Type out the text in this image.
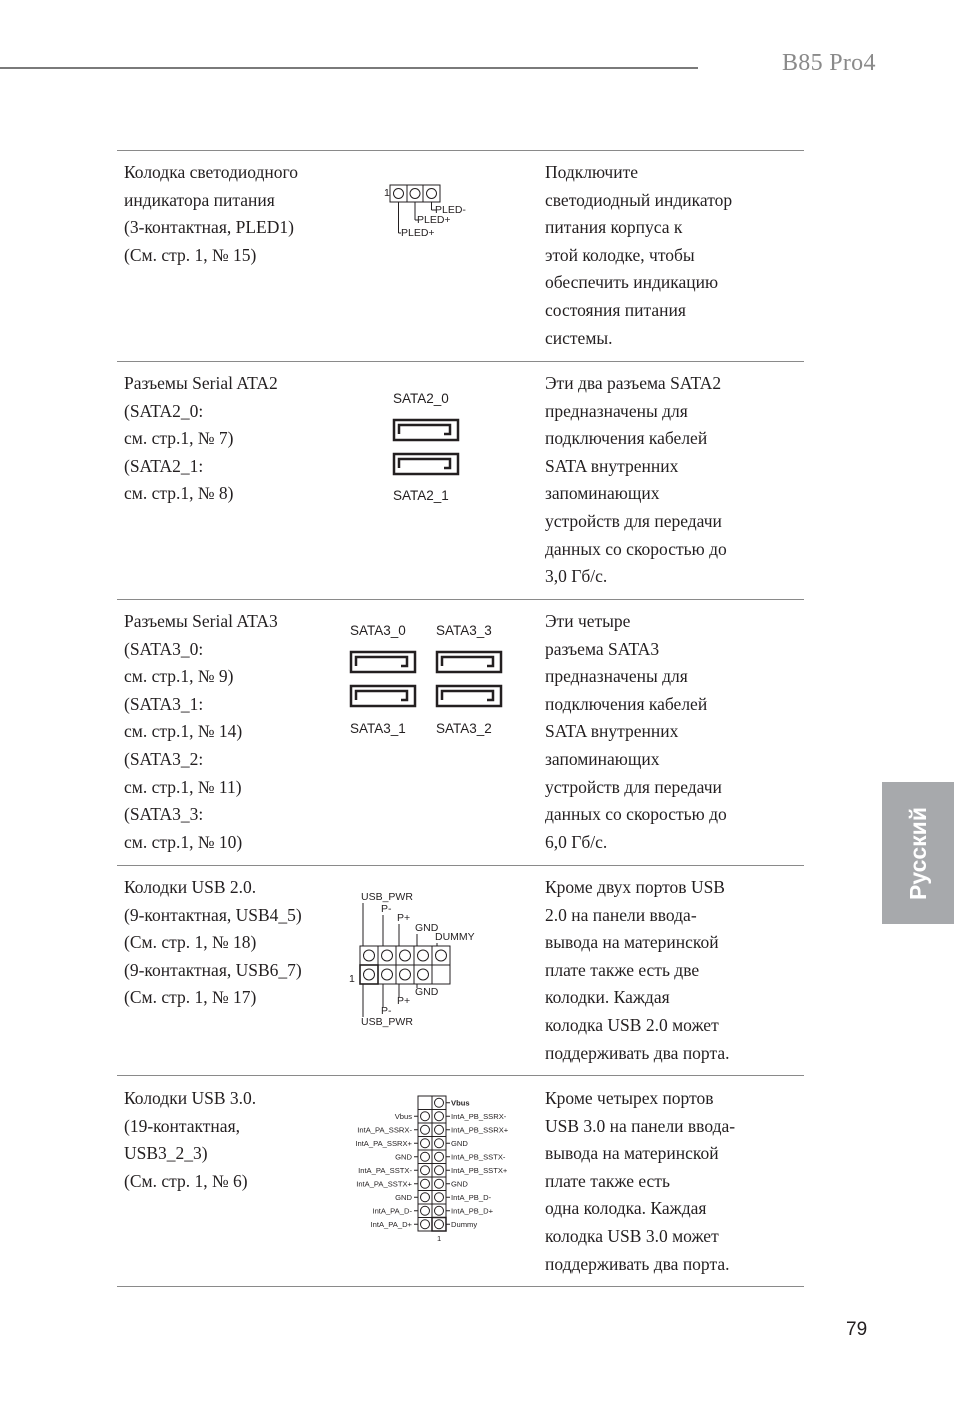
B85 Pro4
Русский
Колодка светодиодного
индикатора питания
(3-контактная, PLED1)
(См. стр. 1, № 15)
Подключите
светодиодный индикатор
питания корпуса к
этой колодке, чтобы
обеспечить индикацию
состояния питания
системы.
1
PLED-
PLED+
PLED+
Разъемы Serial ATA2
(SATA2_0:
см. стр.1, № 7)
(SATA2_1:
см. стр.1, № 8)
Эти два разъема SATA2
предназначены для
подключения кабелей
SATA внутренних
запоминающих
устройств для передачи
данных со скоростью до
3,0 Гб/с.
SATA2_0
SATA2_1
Разъемы Serial ATA3
(SATA3_0:
см. стр.1, № 9)
(SATA3_1:
см. стр.1, № 14)
(SATA3_2:
см. стр.1, № 11)
(SATA3_3:
см. стр.1, № 10)
Эти четыре
разъема SATA3
предназначены для
подключения кабелей
SATA внутренних
запоминающих
устройств для передачи
данных со скоростью до
6,0 Гб/с.
SATA3_0 SATA3_3
SATA3_1 SATA3_2
Колодки USB 2.0.
(9-контактная, USB4_5)
(См. стр. 1, № 18)
(9-контактная, USB6_7)
(См. стр. 1, № 17)
Кроме двух портов USB
2.0 на панели ввода-
вывода на материнской
плате также есть две
колодки. Каждая
колодка USB 2.0 может
поддерживать два порта.
USB_PWR
P-
P+
GND
DUMMY
1
GND
P+
P-
USB_PWR
Колодки USB 3.0.
(19-контактная,
USB3_2_3)
(См. стр. 1, № 6)
Кроме четырех портов
USB 3.0 на панели ввода-
вывода на материнской
плате также есть
одна колодка. Каждая
колодка USB 3.0 может
поддерживать два порта.
Vbus
Vbus
IntA_PA_SSRX-
IntA_PA_SSRX+
GND
IntA_PA_SSTX-
IntA_PA_SSTX+
GND
IntA_PA_D-
IntA_PA_D+
IntA_PB_SSRX-
IntA_PB_SSRX+
GND
IntA_PB_SSTX-
IntA_PB_SSTX+
GND
IntA_PB_D-
IntA_PB_D+
Dummy
1
79
